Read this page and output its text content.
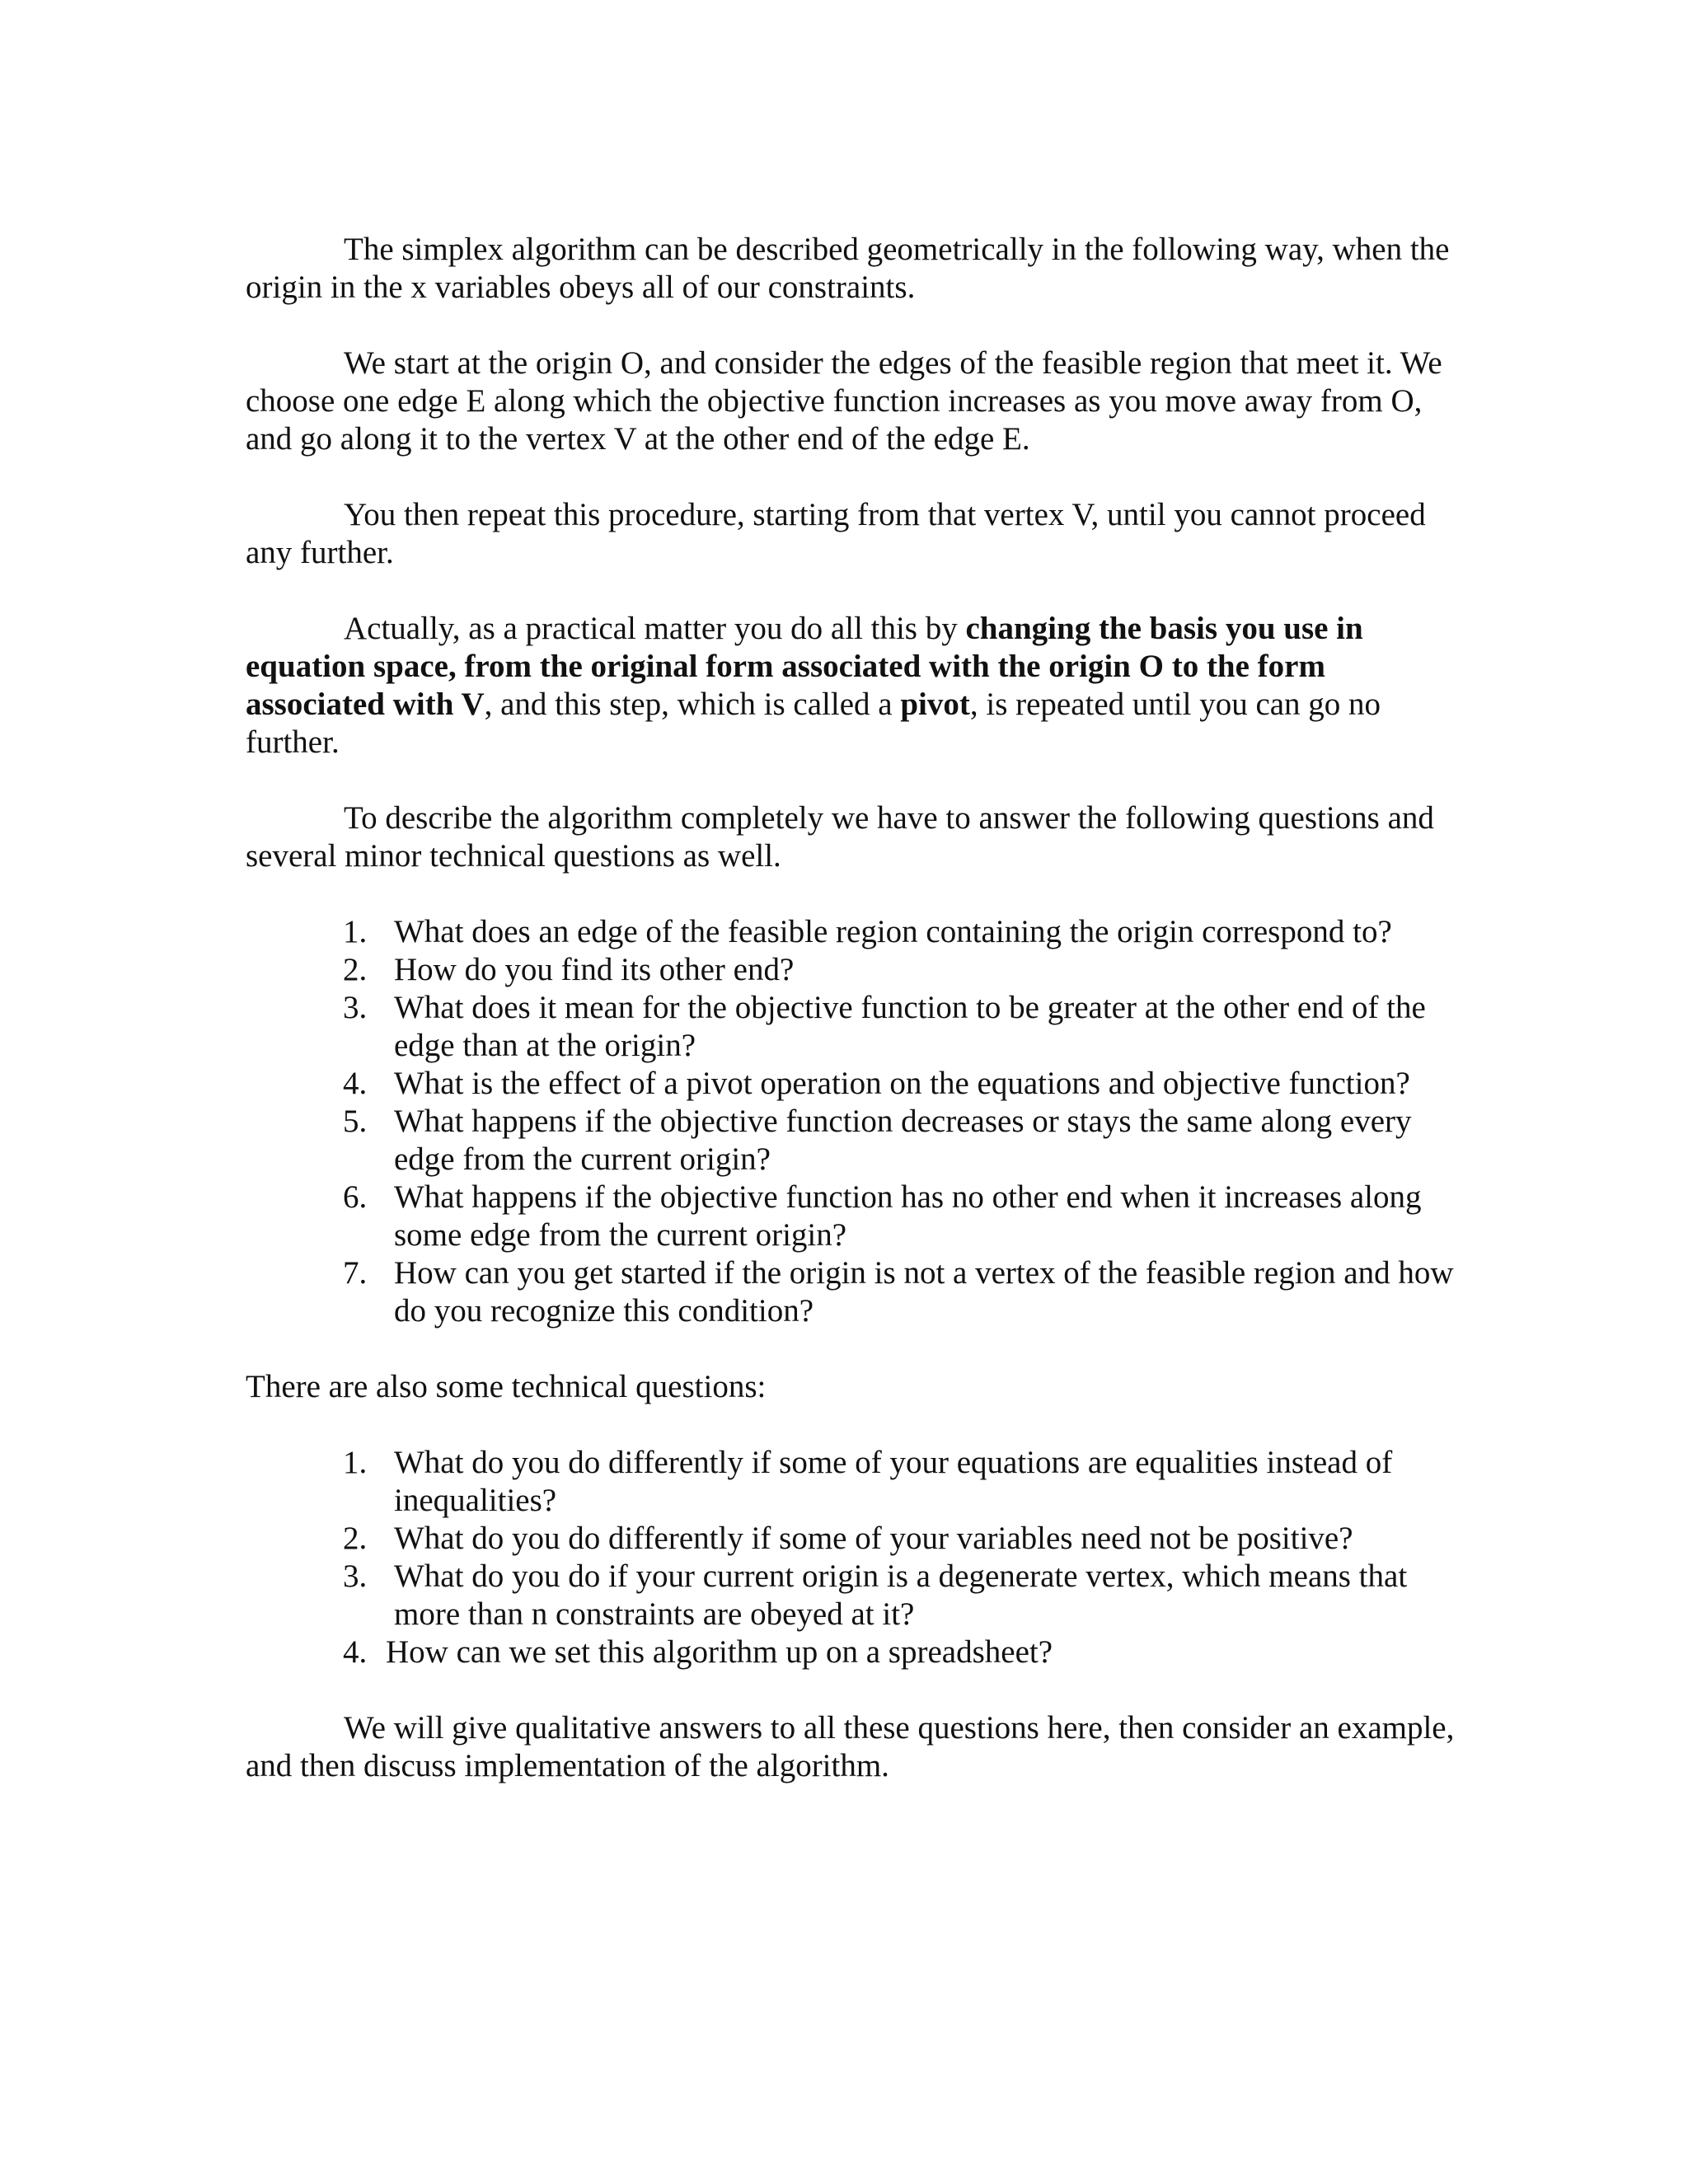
The simplex algorithm can be described geometrically in the following way, when the origin in the x variables obeys all of our constraints.

We start at the origin O, and consider the edges of the feasible region that meet it. We choose one edge E along which the objective function increases as you move away from O, and go along it to the vertex V at the other end of the edge E.

You then repeat this procedure, starting from that vertex V, until you cannot proceed any further.

Actually, as a practical matter you do all this by changing the basis you use in equation space, from the original form associated with the origin O to the form associated with V, and this step, which is called a pivot, is repeated until you can go no further.

To describe the algorithm completely we have to answer the following questions and several minor technical questions as well.

1. What does an edge of the feasible region containing the origin correspond to?
2. How do you find its other end?
3. What does it mean for the objective function to be greater at the other end of the edge than at the origin?
4. What is the effect of a pivot operation on the equations and objective function?
5. What happens if the objective function decreases or stays the same along every edge from the current origin?
6. What happens if the objective function has no other end when it increases along some edge from the current origin?
7. How can you get started if the origin is not a vertex of the feasible region and how do you recognize this condition?

There are also some technical questions:

1. What do you do differently if some of your equations are equalities instead of inequalities?
2. What do you do differently if some of your variables need not be positive?
3. What do you do if your current origin is a degenerate vertex, which means that more than n constraints are obeyed at it?
4. How can we set this algorithm up on a spreadsheet?

We will give qualitative answers to all these questions here, then consider an example, and then discuss implementation of the algorithm.
